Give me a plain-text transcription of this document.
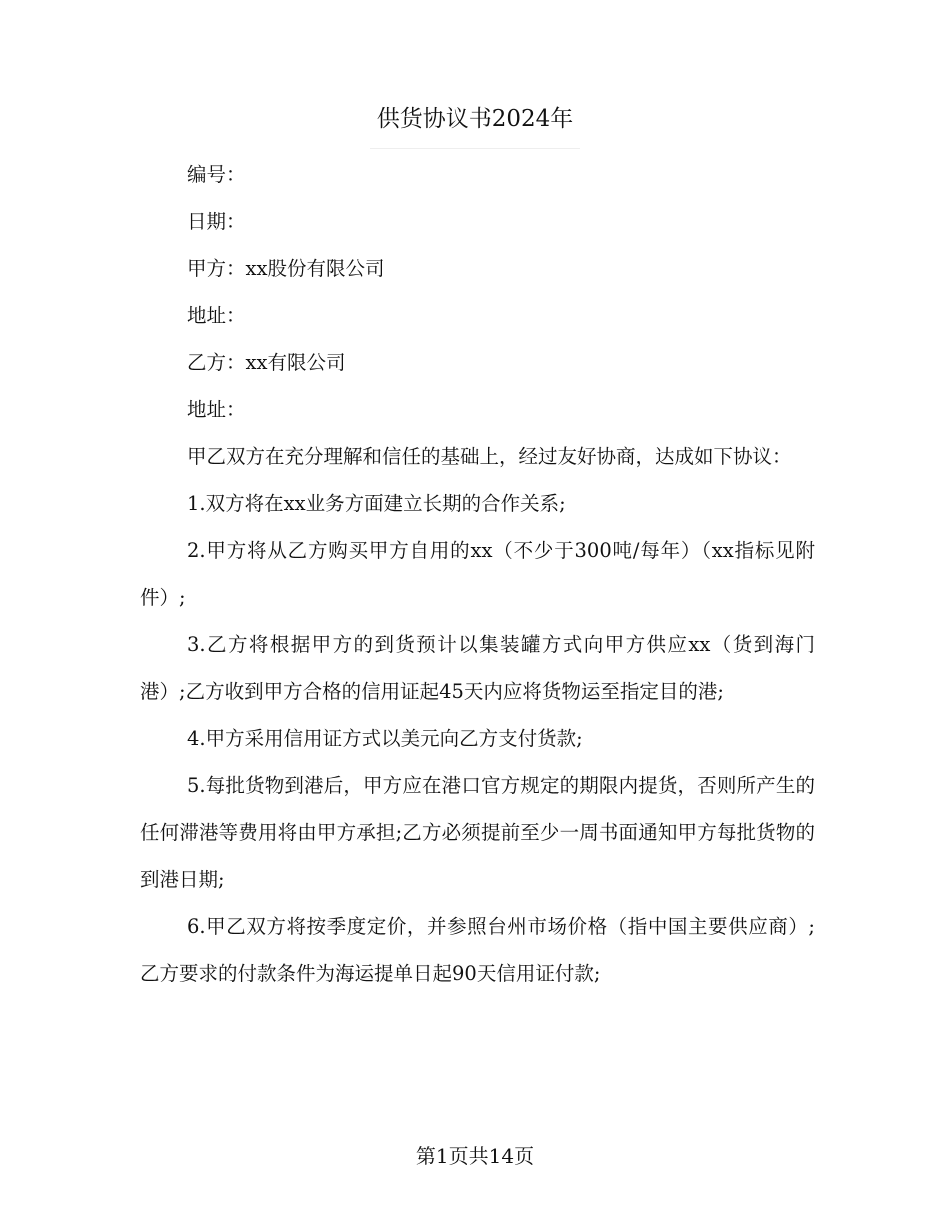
供货协议书2024年

编号：

日期：

甲方：xx股份有限公司

地址：

乙方：xx有限公司

地址：

甲乙双方在充分理解和信任的基础上，经过友好协商，达成如下协议：

1.双方将在xx业务方面建立长期的合作关系;

2.甲方将从乙方购买甲方自用的xx（不少于300吨/每年）（xx指标见附件）;

3.乙方将根据甲方的到货预计以集装罐方式向甲方供应xx（货到海门港）;乙方收到甲方合格的信用证起45天内应将货物运至指定目的港;

4.甲方采用信用证方式以美元向乙方支付货款;

5.每批货物到港后，甲方应在港口官方规定的期限内提货，否则所产生的任何滞港等费用将由甲方承担;乙方必须提前至少一周书面通知甲方每批货物的到港日期;

6.甲乙双方将按季度定价，并参照台州市场价格（指中国主要供应商）;乙方要求的付款条件为海运提单日起90天信用证付款;

第1页共14页
